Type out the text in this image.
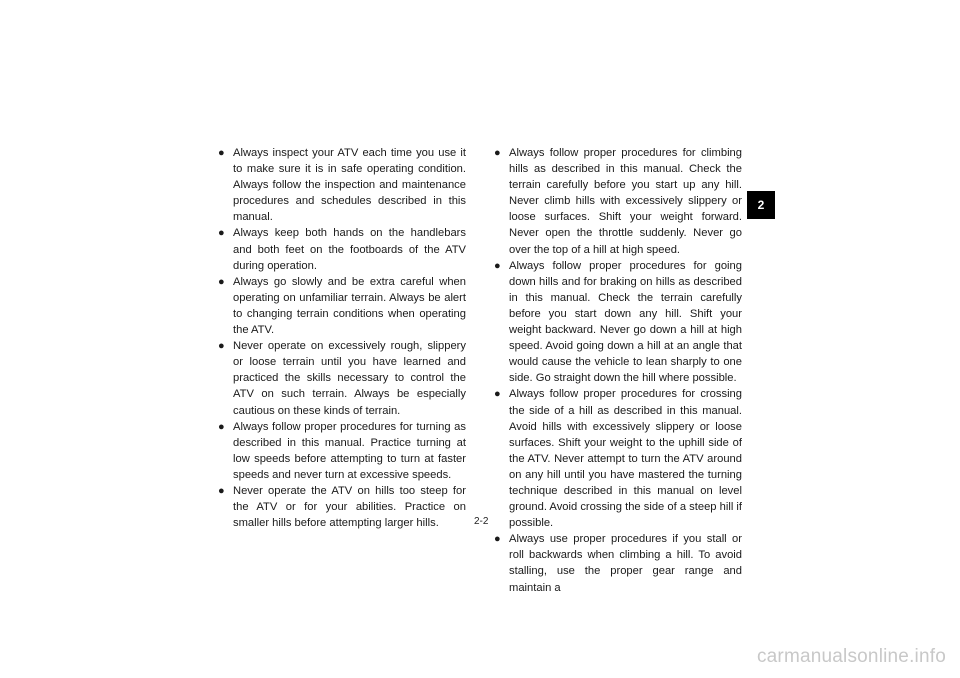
● Always inspect your ATV each time you use it to make sure it is in safe operating condition. Always follow the inspection and maintenance procedures and schedules described in this manual.

● Always keep both hands on the handlebars and both feet on the footboards of the ATV during operation.

● Always go slowly and be extra careful when operating on unfamiliar terrain. Always be alert to changing terrain conditions when operating the ATV.

● Never operate on excessively rough, slippery or loose terrain until you have learned and practiced the skills necessary to control the ATV on such terrain. Always be especially cautious on these kinds of terrain.

● Always follow proper procedures for turning as described in this manual. Practice turning at low speeds before attempting to turn at faster speeds and never turn at excessive speeds.

● Never operate the ATV on hills too steep for the ATV or for your abilities. Practice on smaller hills before attempting larger hills.

● Always follow proper procedures for climbing hills as described in this manual. Check the terrain carefully before you start up any hill. Never climb hills with excessively slippery or loose surfaces. Shift your weight forward. Never open the throttle suddenly. Never go over the top of a hill at high speed.

● Always follow proper procedures for going down hills and for braking on hills as described in this manual. Check the terrain carefully before you start down any hill. Shift your weight backward. Never go down a hill at high speed. Avoid going down a hill at an angle that would cause the vehicle to lean sharply to one side. Go straight down the hill where possible.

● Always follow proper procedures for crossing the side of a hill as described in this manual. Avoid hills with excessively slippery or loose surfaces. Shift your weight to the uphill side of the ATV. Never attempt to turn the ATV around on any hill until you have mastered the turning technique described in this manual on level ground. Avoid crossing the side of a steep hill if possible.

● Always use proper procedures if you stall or roll backwards when climbing a hill. To avoid stalling, use the proper gear range and maintain a

2
2-2
carmanualsonline.info
